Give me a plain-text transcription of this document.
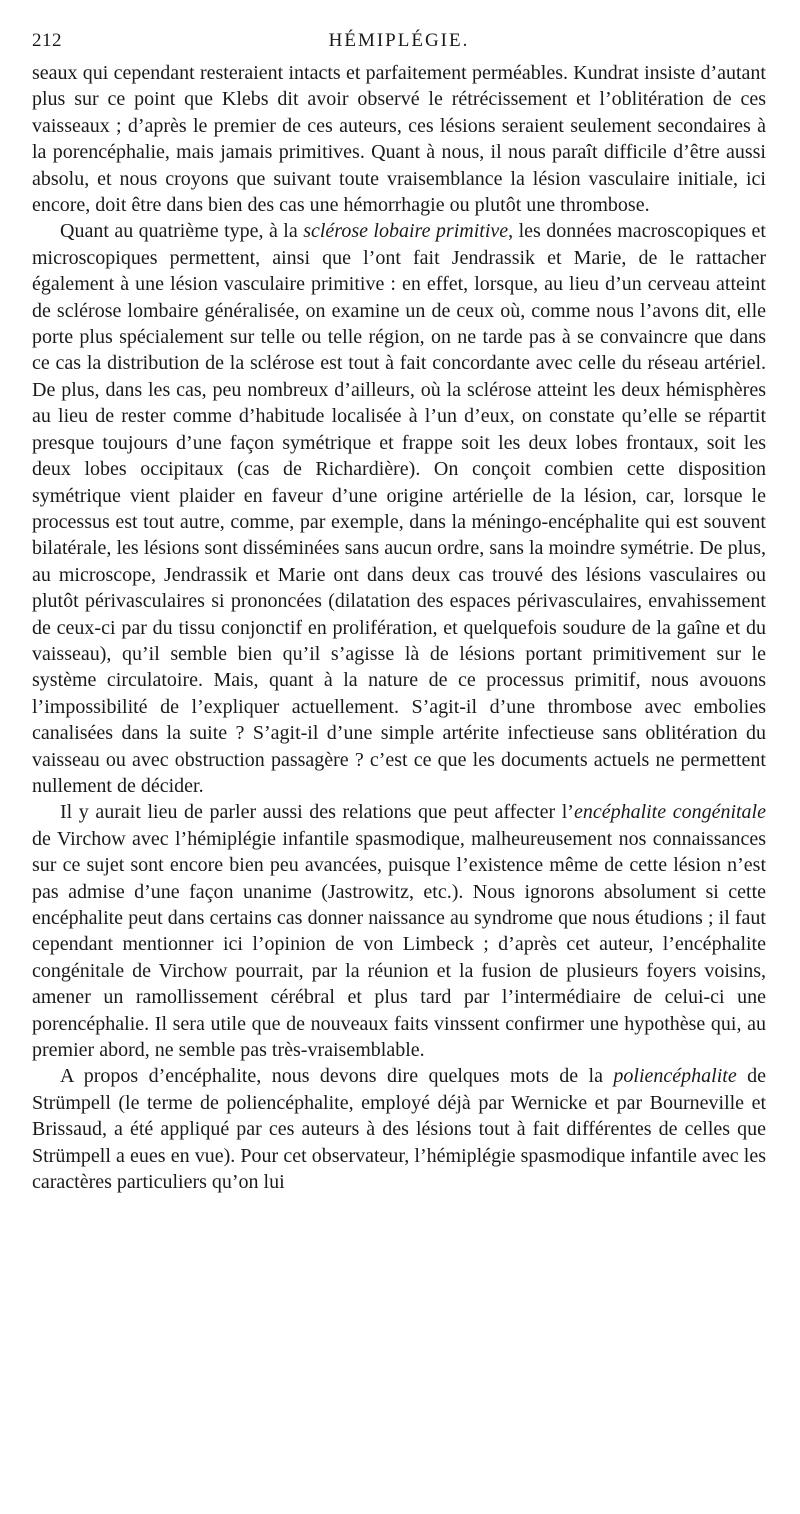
212	HÉMIPLÉGIE.

seaux qui cependant resteraient intacts et parfaitement perméables. Kundrat insiste d’autant plus sur ce point que Klebs dit avoir observé le rétrécissement et l’oblitération de ces vaisseaux ; d’après le premier de ces auteurs, ces lésions seraient seulement secondaires à la porencéphalie, mais jamais primitives. Quant à nous, il nous paraît difficile d’être aussi absolu, et nous croyons que suivant toute vraisemblance la lésion vasculaire initiale, ici encore, doit être dans bien des cas une hémorrhagie ou plutôt une thrombose.

Quant au quatrième type, à la sclérose lobaire primitive, les données macroscopiques et microscopiques permettent, ainsi que l’ont fait Jendrassik et Marie, de le rattacher également à une lésion vasculaire primitive : en effet, lorsque, au lieu d’un cerveau atteint de sclérose lombaire généralisée, on examine un de ceux où, comme nous l’avons dit, elle porte plus spécialement sur telle ou telle région, on ne tarde pas à se convaincre que dans ce cas la distribution de la sclérose est tout à fait concordante avec celle du réseau artériel. De plus, dans les cas, peu nombreux d’ailleurs, où la sclérose atteint les deux hémisphères au lieu de rester comme d’habitude localisée à l’un d’eux, on constate qu’elle se répartit presque toujours d’une façon symétrique et frappe soit les deux lobes frontaux, soit les deux lobes occipitaux (cas de Richardière). On conçoit combien cette disposition symétrique vient plaider en faveur d’une origine artérielle de la lésion, car, lorsque le processus est tout autre, comme, par exemple, dans la méningo-encéphalite qui est souvent bilatérale, les lésions sont disséminées sans aucun ordre, sans la moindre symétrie. De plus, au microscope, Jendrassik et Marie ont dans deux cas trouvé des lésions vasculaires ou plutôt périvasculaires si prononcées (dilatation des espaces périvasculaires, envahissement de ceux-ci par du tissu conjonctif en prolifération, et quelquefois soudure de la gaîne et du vaisseau), qu’il semble bien qu’il s’agisse là de lésions portant primitivement sur le système circulatoire. Mais, quant à la nature de ce processus primitif, nous avouons l’impossibilité de l’expliquer actuellement. S’agit-il d’une thrombose avec embolies canalisées dans la suite ? S’agit-il d’une simple artérite infectieuse sans oblitération du vaisseau ou avec obstruction passagère ? c’est ce que les documents actuels ne permettent nullement de décider.

Il y aurait lieu de parler aussi des relations que peut affecter l’encéphalite congénitale de Virchow avec l’hémiplégie infantile spasmodique, malheureusement nos connaissances sur ce sujet sont encore bien peu avancées, puisque l’existence même de cette lésion n’est pas admise d’une façon unanime (Jastrowitz, etc.). Nous ignorons absolument si cette encéphalite peut dans certains cas donner naissance au syndrome que nous étudions ; il faut cependant mentionner ici l’opinion de von Limbeck ; d’après cet auteur, l’encéphalite congénitale de Virchow pourrait, par la réunion et la fusion de plusieurs foyers voisins, amener un ramollissement cérébral et plus tard par l’intermédiaire de celui-ci une porencéphalie. Il sera utile que de nouveaux faits vinssent confirmer une hypothèse qui, au premier abord, ne semble pas très-vraisemblable.

A propos d’encéphalite, nous devons dire quelques mots de la poliencéphalite de Strümpell (le terme de poliencéphalite, employé déjà par Wernicke et par Bourneville et Brissaud, a été appliqué par ces auteurs à des lésions tout à fait différentes de celles que Strümpell a eues en vue). Pour cet observateur, l’hémiplégie spasmodique infantile avec les caractères particuliers qu’on lui
